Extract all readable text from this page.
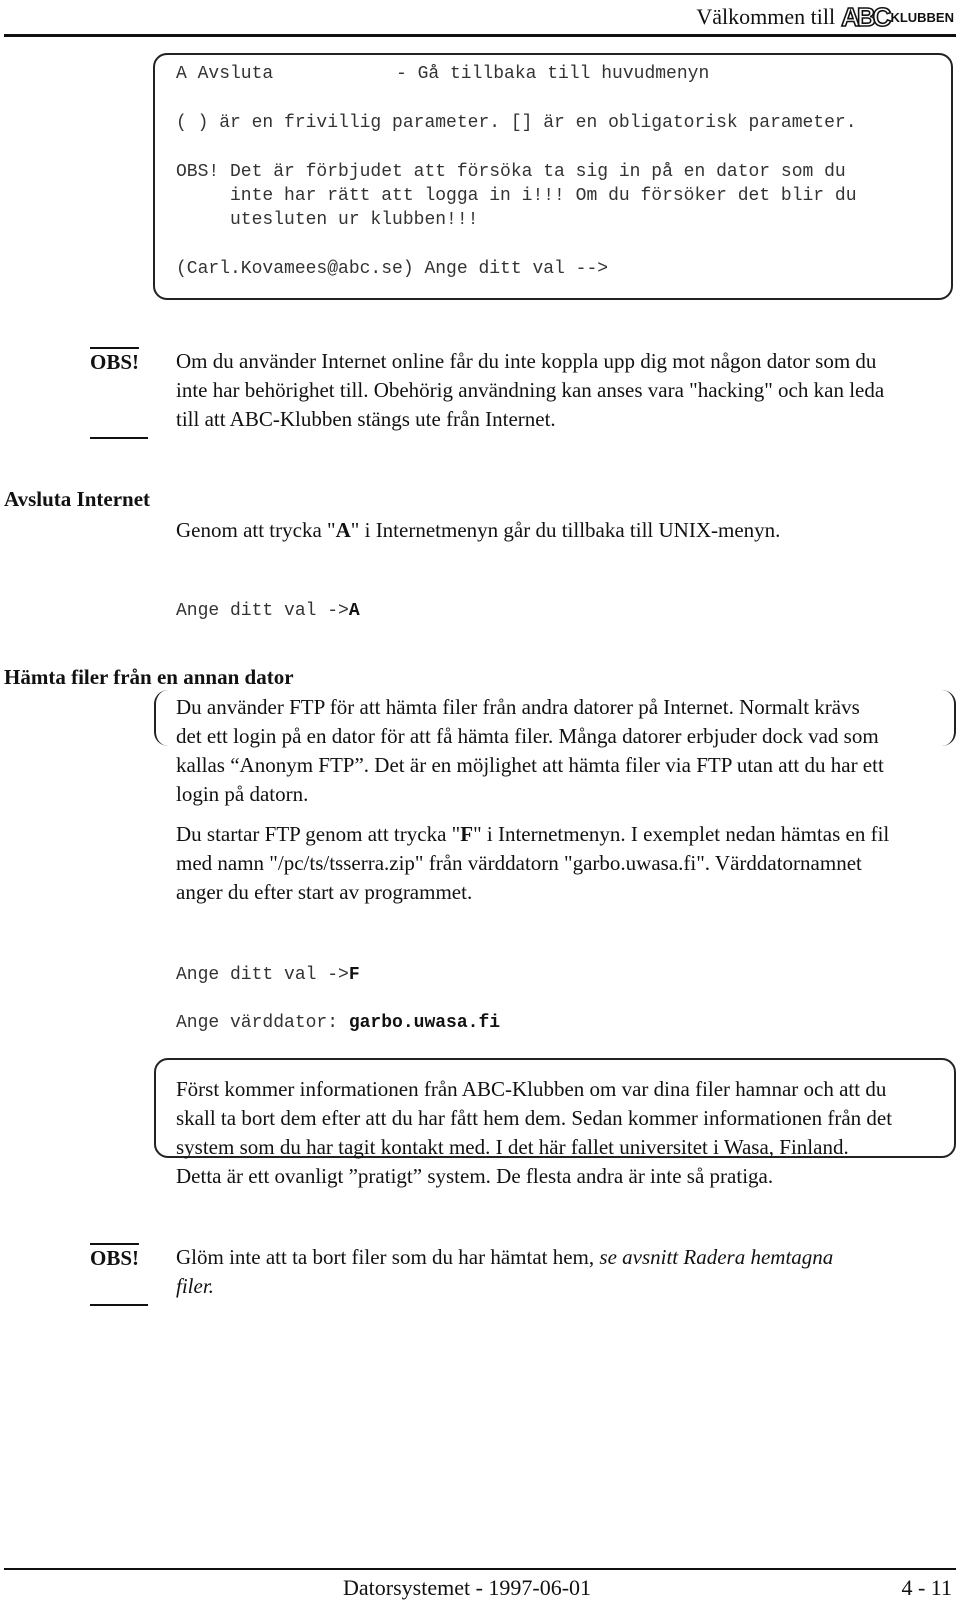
Välkommen till ABC KLUBBEN
A Avsluta	- Gå tillbaka till huvudmenyn
( ) är en frivillig parameter. [] är en obligatorisk parameter.
OBS! Det är förbjudet att försöka ta sig in på en dator som du
inte har rätt att logga in i!!! Om du försöker det blir du
utesluten ur klubben!!!
(Carl.Kovamees@abc.se) Ange ditt val -->
OBS! Om du använder Internet online får du inte koppla upp dig mot någon dator som du
inte har behörighet till. Obehörig användning kan anses vara "hacking" och kan leda
till att ABC-Klubben stängs ute från Internet.
Avsluta Internet
Genom att trycka "A" i Internetmenyn går du tillbaka till UNIX-menyn.
Ange ditt val ->A
Hämta filer från en annan dator
Du använder FTP för att hämta filer från andra datorer på Internet. Normalt krävs
det ett login på en dator för att få hämta filer. Många datorer erbjuder dock vad som
kallas “Anonym FTP”. Det är en möjlighet att hämta filer via FTP utan att du har ett
login på datorn.
Du startar FTP genom att trycka "F" i Internetmenyn. I exemplet nedan hämtas en fil
med namn "/pc/ts/tsserra.zip" från värddatorn "garbo.uwasa.fi". Värddatornamnet
anger du efter start av programmet.
Ange ditt val ->F
Ange värddator: garbo.uwasa.fi
Först kommer informationen från ABC-Klubben om var dina filer hamnar och att du
skall ta bort dem efter att du har fått hem dem. Sedan kommer informationen från det
system som du har tagit kontakt med. I det här fallet universitet i Wasa, Finland.
Detta är ett ovanligt ”pratigt” system. De flesta andra är inte så pratiga.
OBS! Glöm inte att ta bort filer som du har hämtat hem, se avsnitt Radera hemtagna
filer.
Datorsystemet - 1997-06-01	4 - 11
